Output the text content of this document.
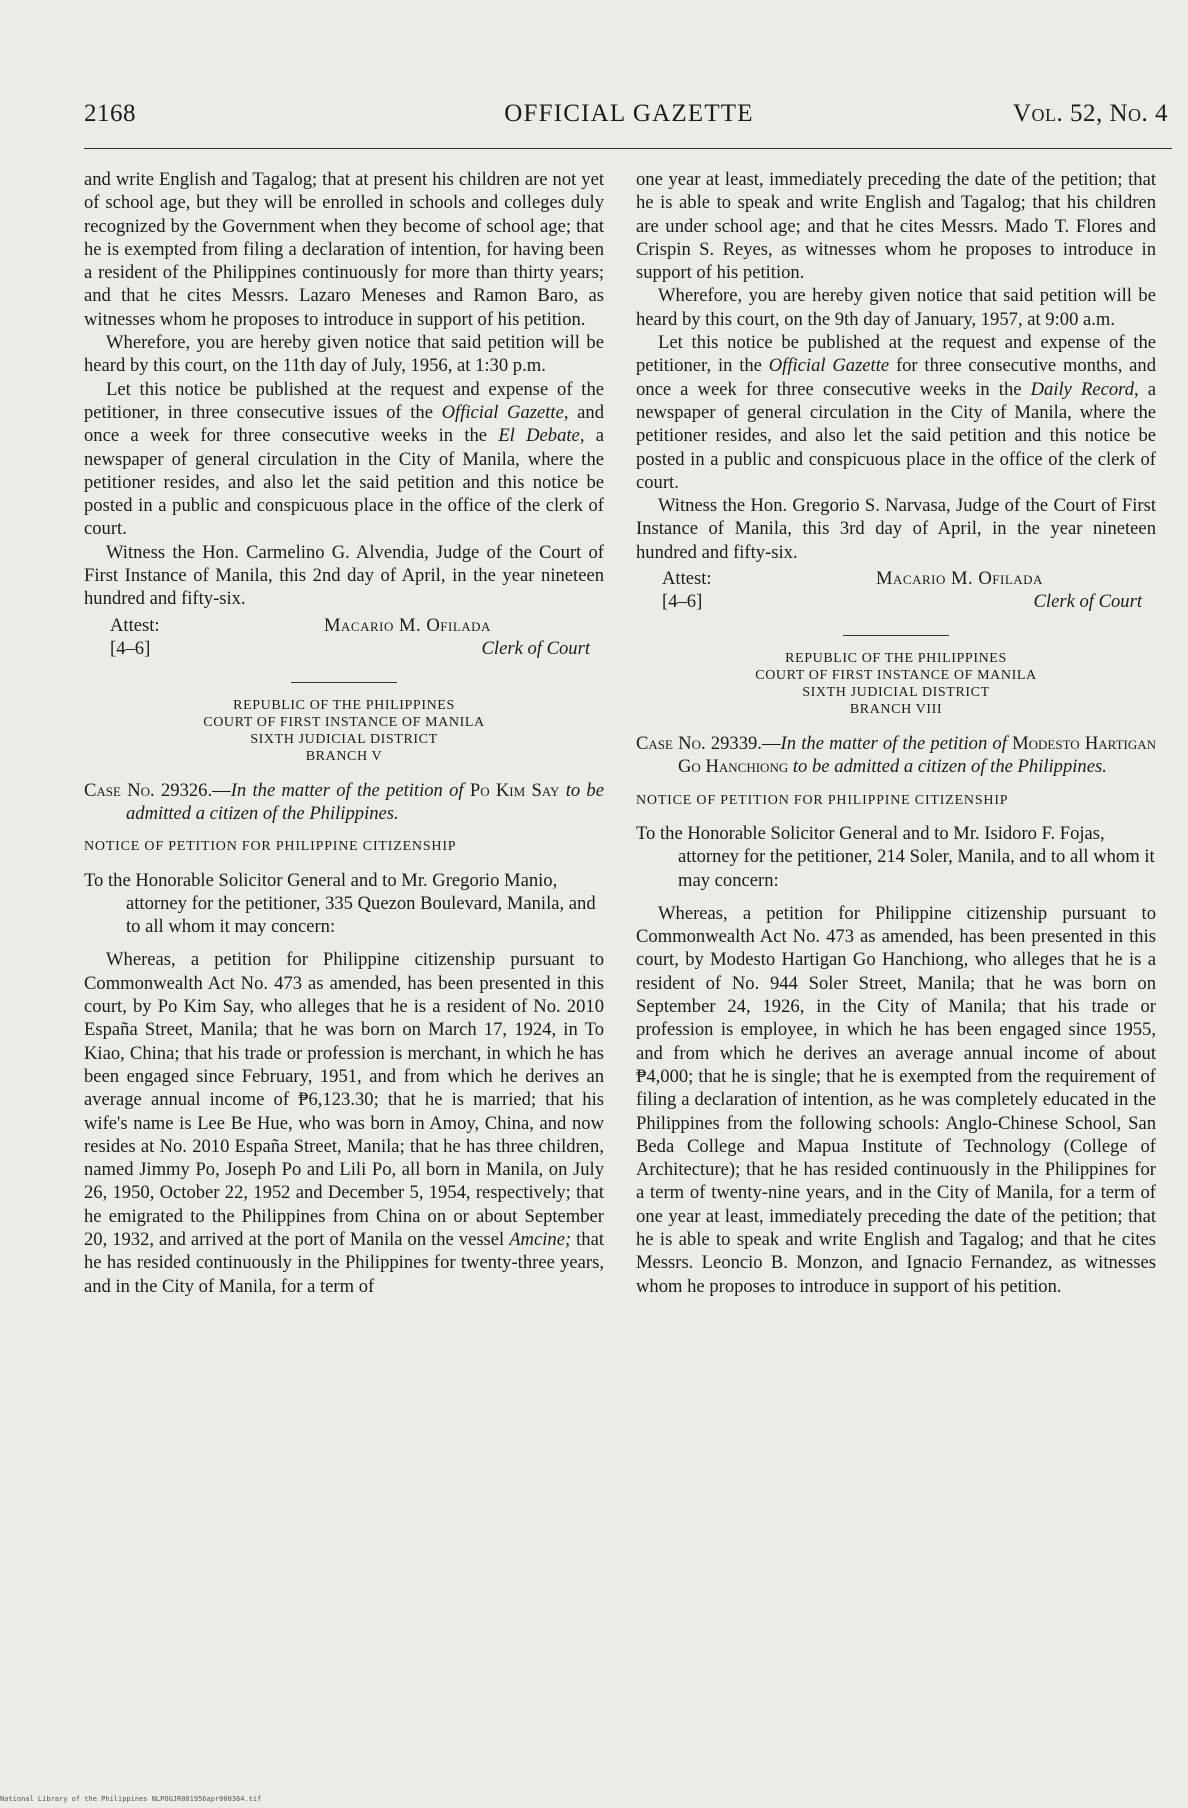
2168	OFFICIAL GAZETTE	Vol. 52, No. 4

and write English and Tagalog; that at present his children are not yet of school age, but they will be enrolled in schools and colleges duly recognized by the Government when they become of school age; that he is exempted from filing a declaration of intention, for having been a resident of the Philippines continuously for more than thirty years; and that he cites Messrs. Lazaro Meneses and Ramon Baro, as witnesses whom he proposes to introduce in support of his petition.

Wherefore, you are hereby given notice that said petition will be heard by this court, on the 11th day of July, 1956, at 1:30 p.m.

Let this notice be published at the request and expense of the petitioner, in three consecutive issues of the Official Gazette, and once a week for three consecutive weeks in the El Debate, a newspaper of general circulation in the City of Manila, where the petitioner resides, and also let the said petition and this notice be posted in a public and conspicuous place in the office of the clerk of court.

Witness the Hon. Carmelino G. Alvendia, Judge of the Court of First Instance of Manila, this 2nd day of April, in the year nineteen hundred and fifty-six.

Attest:
[4–6]
Macario M. Ofilada
Clerk of Court
REPUBLIC OF THE PHILIPPINES
COURT OF FIRST INSTANCE OF MANILA
SIXTH JUDICIAL DISTRICT
BRANCH V
Case No. 29326.—In the matter of the petition of Po Kim Say to be admitted a citizen of the Philippines.
NOTICE OF PETITION FOR PHILIPPINE CITIZENSHIP
To the Honorable Solicitor General and to Mr. Gregorio Manio, attorney for the petitioner, 335 Quezon Boulevard, Manila, and to all whom it may concern:

Whereas, a petition for Philippine citizenship pursuant to Commonwealth Act No. 473 as amended, has been presented in this court, by Po Kim Say, who alleges that he is a resident of No. 2010 España Street, Manila; that he was born on March 17, 1924, in To Kiao, China; that his trade or profession is merchant, in which he has been engaged since February, 1951, and from which he derives an average annual income of ₱6,123.30; that he is married; that his wife's name is Lee Be Hue, who was born in Amoy, China, and now resides at No. 2010 España Street, Manila; that he has three children, named Jimmy Po, Joseph Po and Lili Po, all born in Manila, on July 26, 1950, October 22, 1952 and December 5, 1954, respectively; that he emigrated to the Philippines from China on or about September 20, 1932, and arrived at the port of Manila on the vessel Amcine; that he has resided continuously in the Philippines for twenty-three years, and in the City of Manila, for a term of

one year at least, immediately preceding the date of the petition; that he is able to speak and write English and Tagalog; that his children are under school age; and that he cites Messrs. Mado T. Flores and Crispin S. Reyes, as witnesses whom he proposes to introduce in support of his petition.

Wherefore, you are hereby given notice that said petition will be heard by this court, on the 9th day of January, 1957, at 9:00 a.m.

Let this notice be published at the request and expense of the petitioner, in the Official Gazette for three consecutive months, and once a week for three consecutive weeks in the Daily Record, a newspaper of general circulation in the City of Manila, where the petitioner resides, and also let the said petition and this notice be posted in a public and conspicuous place in the office of the clerk of court.

Witness the Hon. Gregorio S. Narvasa, Judge of the Court of First Instance of Manila, this 3rd day of April, in the year nineteen hundred and fifty-six.

Attest:
[4–6]
Macario M. Ofilada
Clerk of Court
REPUBLIC OF THE PHILIPPINES
COURT OF FIRST INSTANCE OF MANILA
SIXTH JUDICIAL DISTRICT
BRANCH VIII
Case No. 29339.—In the matter of the petition of Modesto Hartigan Go Hanchiong to be admitted a citizen of the Philippines.
NOTICE OF PETITION FOR PHILIPPINE CITIZENSHIP
To the Honorable Solicitor General and to Mr. Isidoro F. Fojas, attorney for the petitioner, 214 Soler, Manila, and to all whom it may concern:

Whereas, a petition for Philippine citizenship pursuant to Commonwealth Act No. 473 as amended, has been presented in this court, by Modesto Hartigan Go Hanchiong, who alleges that he is a resident of No. 944 Soler Street, Manila; that he was born on September 24, 1926, in the City of Manila; that his trade or profession is employee, in which he has been engaged since 1955, and from which he derives an average annual income of about ₱4,000; that he is single; that he is exempted from the requirement of filing a declaration of intention, as he was completely educated in the Philippines from the following schools: Anglo-Chinese School, San Beda College and Mapua Institute of Technology (College of Architecture); that he has resided continuously in the Philippines for a term of twenty-nine years, and in the City of Manila, for a term of one year at least, immediately preceding the date of the petition; that he is able to speak and write English and Tagalog; and that he cites Messrs. Leoncio B. Monzon, and Ignacio Fernandez, as witnesses whom he proposes to introduce in support of his petition.

National Library of the Philippines NLPOGJR001956apr000364.tif
